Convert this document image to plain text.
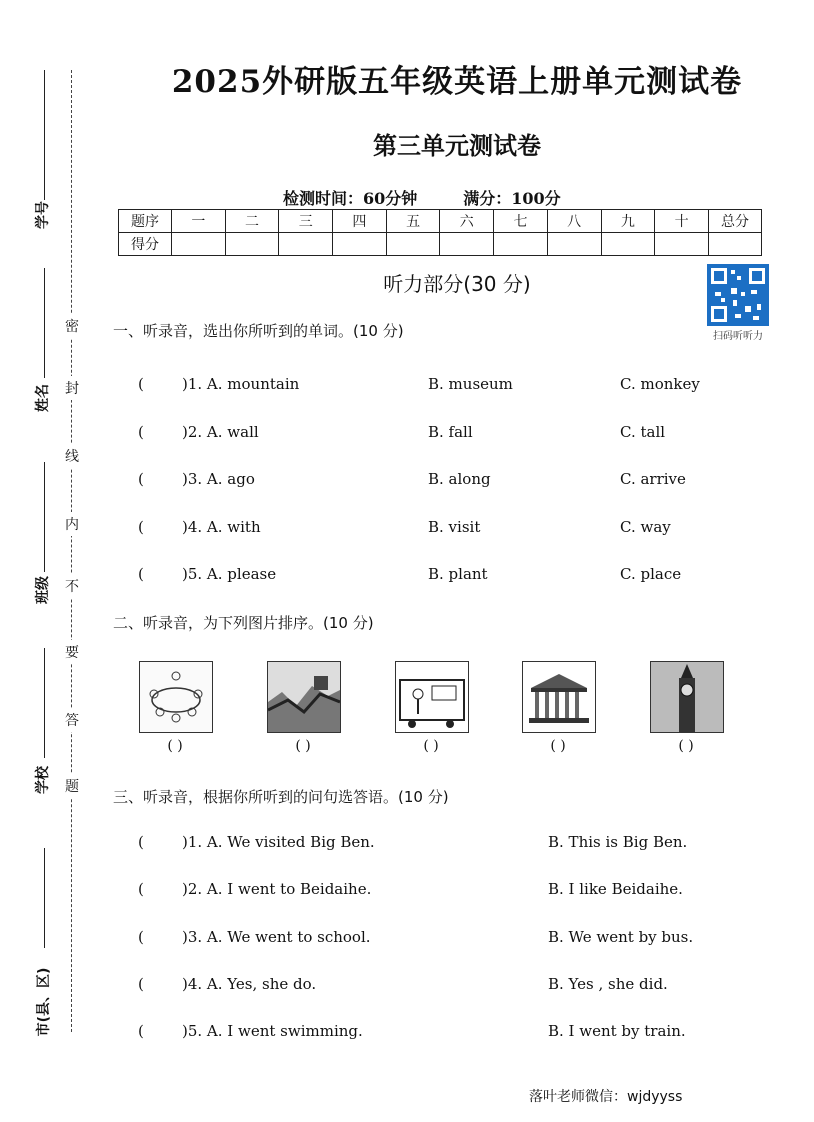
学号
姓名
班级
学校
市(县、区)
密
封
线
内
不
要
答
题
2025外研版五年级英语上册单元测试卷
第三单元测试卷
检测时间：60分钟	满分：100分
题序	一	二	三	四	五	六	七	八	九	十	总分
得分											
听力部分(30 分)
扫码听听力
一、听录音，选出你所听到的单词。(10 分)
(	)1. A. mountain	B. museum	C. monkey
(	)2. A. wall	B. fall	C. tall
(	)3. A. ago	B. along	C. arrive
(	)4. A. with	B. visit	C. way
(	)5. A. please	B. plant	C. place
二、听录音，为下列图片排序。(10 分)
( )	( )	( )	( )	( )
三、听录音，根据你所听到的问句选答语。(10 分)
(	)1. A. We visited Big Ben.	B. This is Big Ben.
(	)2. A. I went to Beidaihe.	B. I like Beidaihe.
(	)3. A. We went to school.	B. We went by bus.
(	)4. A. Yes, she do.	B. Yes , she did.
(	)5. A. I went swimming.	B. I went by train.
落叶老师微信：wjdyyss
